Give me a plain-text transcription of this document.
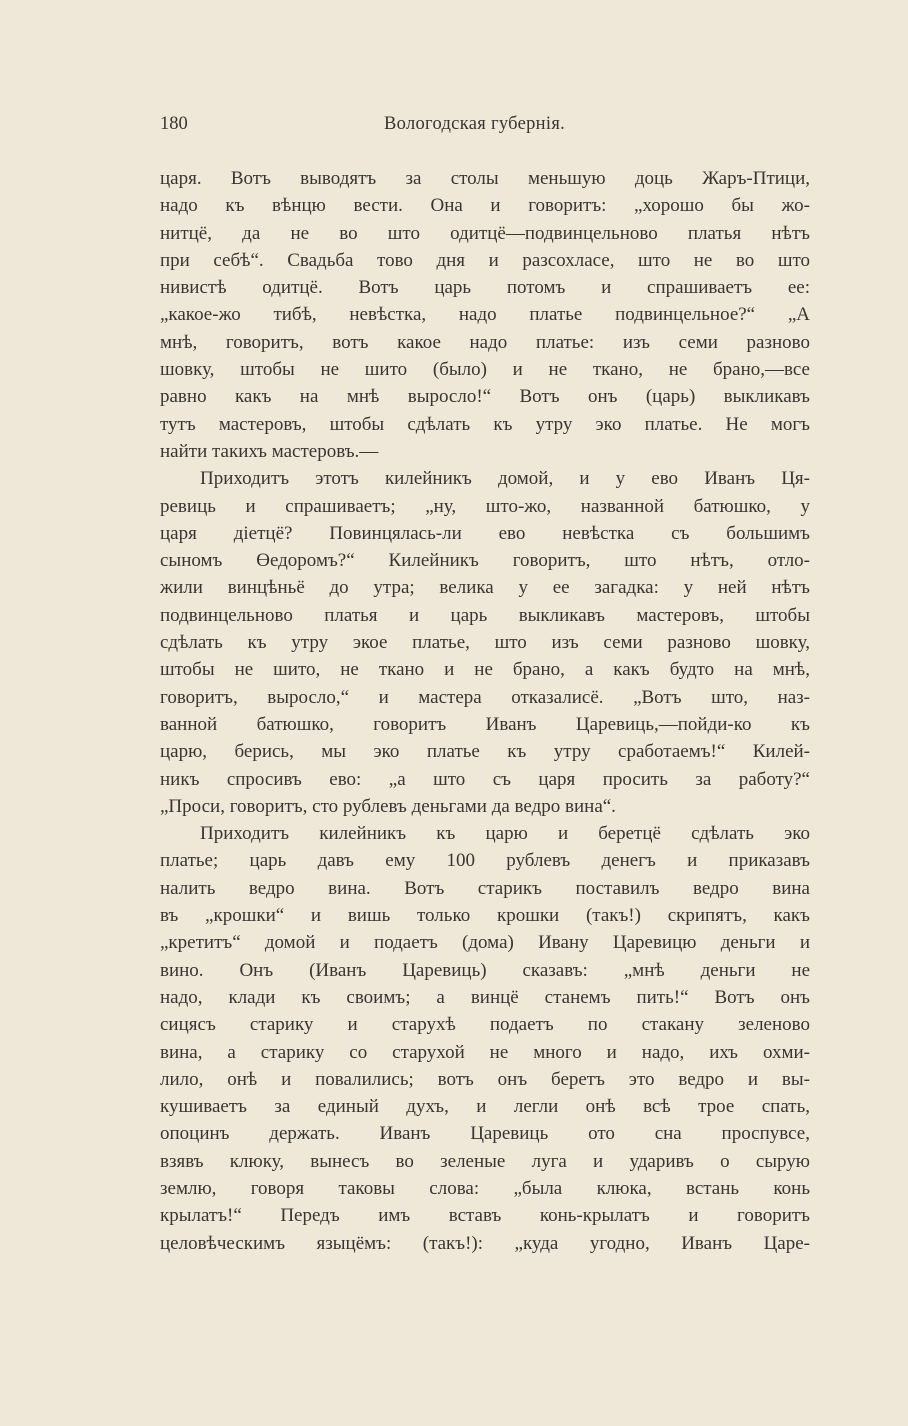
180	Вологодская губернія.
царя. Вотъ выводятъ за столы меньшую доць Жаръ-Птици,
надо къ вѣнцю вести. Она и говоритъ: „хорошо бы жо-
нитцё, да не во што одитцё—подвинцельново платья нѣтъ
при себѣ“. Свадьба тово дня и разсохласе, што не во што
нивистѣ одитцё. Вотъ царь потомъ и спрашиваетъ ее:
„какое-жо тибѣ, невѣстка, надо платье подвинцельное?“ „А
мнѣ, говоритъ, вотъ какое надо платье: изъ семи разново
шовку, штобы не шито (было) и не ткано, не брано,—все
равно какъ на мнѣ выросло!“ Вотъ онъ (царь) выкликавъ
тутъ мастеровъ, штобы сдѣлать къ утру эко платье. Не могъ
найти такихъ мастеровъ.—
Приходитъ этотъ килейникъ домой, и у ево Иванъ Ця-
ревиць и спрашиваетъ; „ну, што-жо, названной батюшко, у
царя діетцё? Повинцялась-ли ево невѣстка съ большимъ
сыномъ Өедоромъ?“ Килейникъ говоритъ, што нѣтъ, отло-
жили винцѣньё до утра; велика у ее загадка: у ней нѣтъ
подвинцельново платья и царь выкликавъ мастеровъ, штобы
сдѣлать къ утру экое платье, што изъ семи разново шовку,
штобы не шито, не ткано и не брано, а какъ будто на мнѣ,
говоритъ, выросло,“ и мастера отказалисё. „Вотъ што, наз-
ванной батюшко, говоритъ Иванъ Царевиць,—пойди-ко къ
царю, берись, мы эко платье къ утру сработаемъ!“ Килей-
никъ спросивъ ево: „а што съ царя просить за работу?“
„Проси, говоритъ, сто рублевъ деньгами да ведро вина“.
Приходитъ килейникъ къ царю и беретцё сдѣлать эко
платье; царь давъ ему 100 рублевъ денегъ и приказавъ
налить ведро вина. Вотъ старикъ поставилъ ведро вина
въ „крошки“ и вишь только крошки (такъ!) скрипятъ, какъ
„кретитъ“ домой и подаетъ (дома) Ивану Царевицю деньги и
вино. Онъ (Иванъ Царевиць) сказавъ: „мнѣ деньги не
надо, клади къ своимъ; а винцё станемъ пить!“ Вотъ онъ
сицясъ старику и старухѣ подаетъ по стакану зеленово
вина, а старику со старухой не много и надо, ихъ охми-
лило, онѣ и повалились; вотъ онъ беретъ это ведро и вы-
кушиваетъ за единый духъ, и легли онѣ всѣ трое спать,
опоцинъ держать. Иванъ Царевиць ото сна проспувсе,
взявъ клюку, вынесъ во зеленые луга и ударивъ о сырую
землю, говоря таковы слова: „была клюка, встань конь
крылатъ!“ Передъ имъ вставъ конь-крылатъ и говоритъ
целовѣческимъ языцёмъ: (такъ!): „куда угодно, Иванъ Царе-
